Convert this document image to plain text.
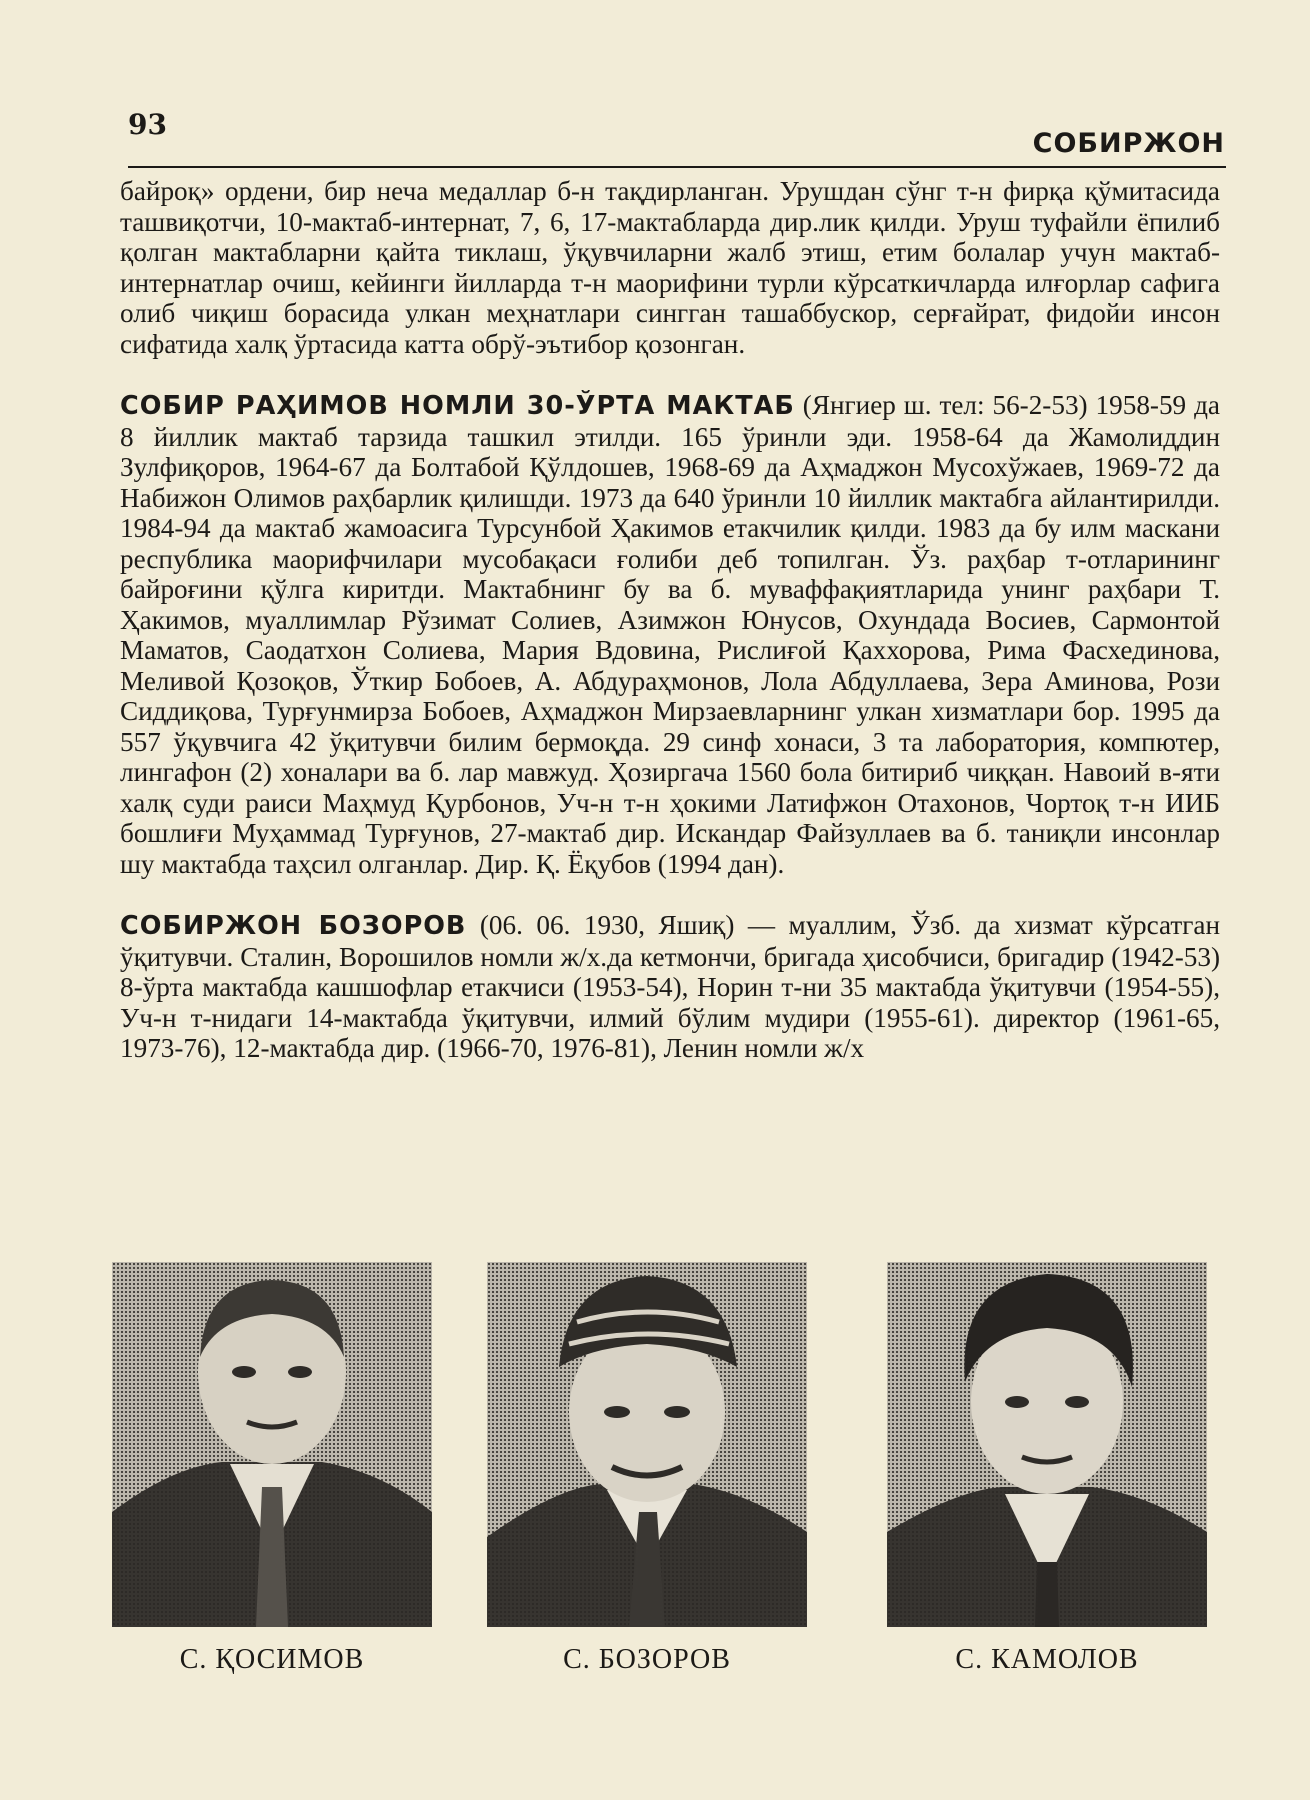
93
СОБИРЖОН

байроқ» ордени, бир неча медаллар б-н тақдирланган. Урушдан сўнг т-н фирқа қўмитасида ташвиқотчи, 10-мактаб-интернат, 7, 6, 17-мактабларда дир.лик қилди. Уруш туфайли ёпилиб қолган мактабларни қайта тиклаш, ўқувчиларни жалб этиш, етим болалар учун мактаб-интернатлар очиш, кейинги йилларда т-н маорифини турли кўрсаткичларда илғорлар сафига олиб чиқиш борасида улкан меҳнатлари сингган ташаббускор, серғайрат, фидойи инсон сифатида халқ ўртасида катта обрў-эътибор қозонган.

СОБИР РАҲИМОВ НОМЛИ 30-ЎРТА МАКТАБ (Янгиер ш. тел: 56-2-53) 1958-59 да 8 йиллик мактаб тарзида ташкил этилди. 165 ўринли эди. 1958-64 да Жамолиддин Зулфиқоров, 1964-67 да Болтабой Қўлдошев, 1968-69 да Аҳмаджон Мусохўжаев, 1969-72 да Набижон Олимов раҳбарлик қилишди. 1973 да 640 ўринли 10 йиллик мактабга айлантирилди. 1984-94 да мактаб жамоасига Турсунбой Ҳакимов етакчилик қилди. 1983 да бу илм маскани республика маорифчилари мусобақаси ғолиби деб топилган. Ўз. раҳбар т-отларининг байроғини қўлга киритди. Мактабнинг бу ва б. муваффақиятларида унинг раҳбари Т. Ҳакимов, муаллимлар Рўзимат Солиев, Азимжон Юнусов, Охундада Восиев, Сармонтой Маматов, Саодатхон Солиева, Мария Вдовина, Рислиғой Қаххорова, Рима Фасхединова, Меливой Қозоқов, Ўткир Бобоев, А. Абдураҳмонов, Лола Абдуллаева, Зера Аминова, Рози Сиддиқова, Турғунмирза Бобоев, Аҳмаджон Мирзаевларнинг улкан хизматлари бор. 1995 да 557 ўқувчига 42 ўқитувчи билим бермоқда. 29 синф хонаси, 3 та лаборатория, компютер, лингафон (2) хоналари ва б. лар мавжуд. Ҳозиргача 1560 бола битириб чиққан. Навоий в-яти халқ суди раиси Маҳмуд Қурбонов, Уч-н т-н ҳокими Латифжон Отахонов, Чортоқ т-н ИИБ бошлиғи Муҳаммад Турғунов, 27-мактаб дир. Искандар Файзуллаев ва б. таниқли инсонлар шу мактабда таҳсил олганлар. Дир. Қ. Ёқубов (1994 дан).

СОБИРЖОН БОЗОРОВ (06. 06. 1930, Яшиқ) — муаллим, Ўзб. да хизмат кўрсатган ўқитувчи. Сталин, Ворошилов номли ж/х.да кетмончи, бригада ҳисобчиси, бригадир (1942-53) 8-ўрта мактабда кашшофлар етакчиси (1953-54), Норин т-ни 35 мактабда ўқитувчи (1954-55), Уч-н т-нидаги 14-мактабда ўқитувчи, илмий бўлим мудири (1955-61). директор (1961-65, 1973-76), 12-мактабда дир. (1966-70, 1976-81), Ленин номли ж/х

С. ҚОСИМОВ	С. БОЗОРОВ	С. КАМОЛОВ
